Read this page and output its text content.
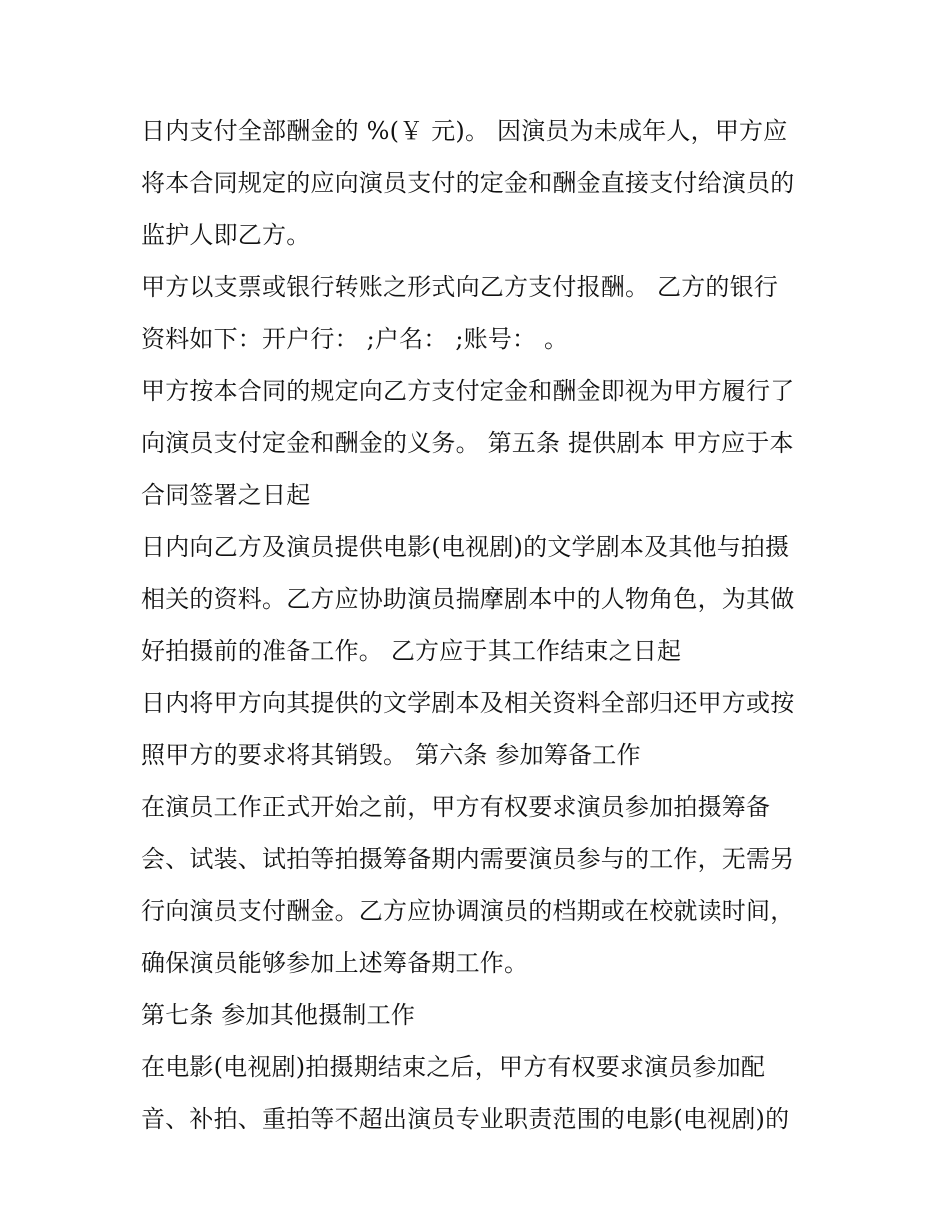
日内支付全部酬金的 %(￥ 元)。 因演员为未成年人，甲方应
将本合同规定的应向演员支付的定金和酬金直接支付给演员的
监护人即乙方。
甲方以支票或银行转账之形式向乙方支付报酬。 乙方的银行
资料如下：开户行： ;户名： ;账号： 。
甲方按本合同的规定向乙方支付定金和酬金即视为甲方履行了
向演员支付定金和酬金的义务。 第五条 提供剧本 甲方应于本
合同签署之日起
日内向乙方及演员提供电影(电视剧)的文学剧本及其他与拍摄
相关的资料。乙方应协助演员揣摩剧本中的人物角色，为其做
好拍摄前的准备工作。 乙方应于其工作结束之日起
日内将甲方向其提供的文学剧本及相关资料全部归还甲方或按
照甲方的要求将其销毁。 第六条 参加筹备工作
在演员工作正式开始之前，甲方有权要求演员参加拍摄筹备
会、试装、试拍等拍摄筹备期内需要演员参与的工作，无需另
行向演员支付酬金。乙方应协调演员的档期或在校就读时间，
确保演员能够参加上述筹备期工作。
第七条 参加其他摄制工作
在电影(电视剧)拍摄期结束之后，甲方有权要求演员参加配
音、补拍、重拍等不超出演员专业职责范围的电影(电视剧)的
